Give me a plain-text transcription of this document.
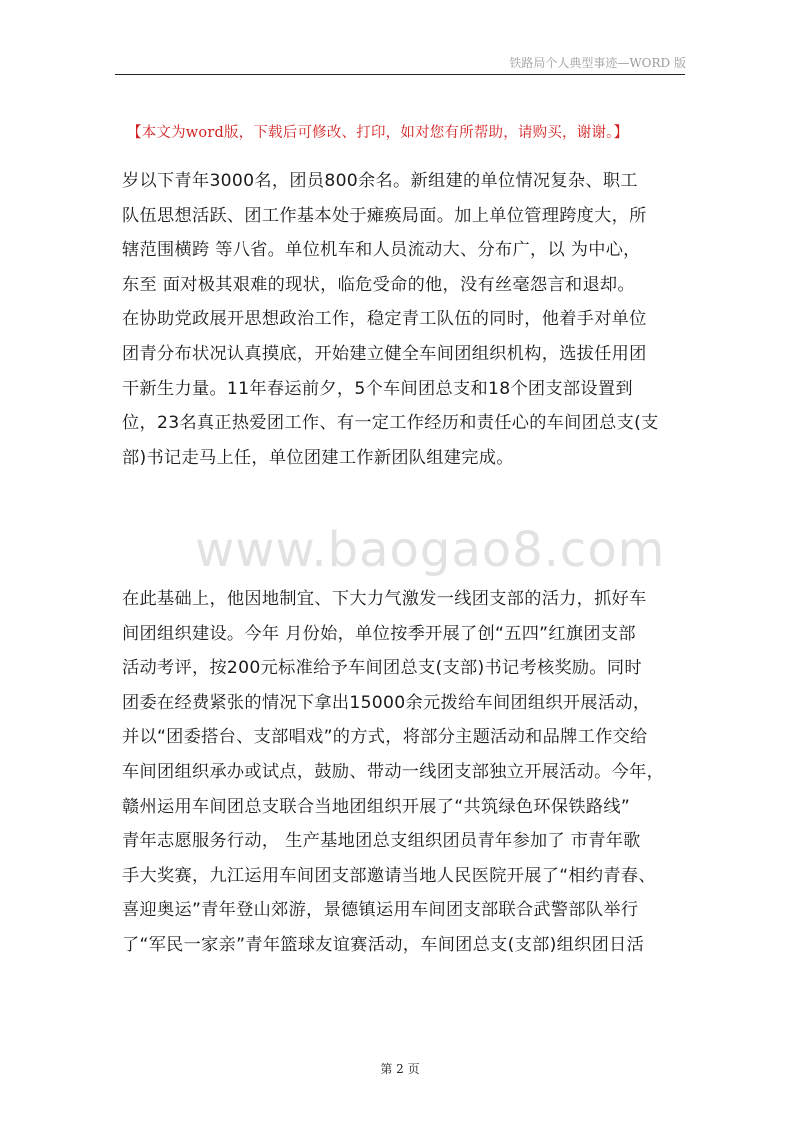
铁路局个人典型事迹—WORD 版
【本文为word版，下载后可修改、打印，如对您有所帮助，请购买，谢谢。】
岁以下青年3000名，团员800余名。新组建的单位情况复杂、职工
队伍思想活跃、团工作基本处于瘫痪局面。加上单位管理跨度大，所
辖范围横跨 等八省。单位机车和人员流动大、分布广，以 为中心，
东至 面对极其艰难的现状，临危受命的他，没有丝毫怨言和退却。
在协助党政展开思想政治工作，稳定青工队伍的同时，他着手对单位
团青分布状况认真摸底，开始建立健全车间团组织机构，选拔任用团
干新生力量。11年春运前夕，5个车间团总支和18个团支部设置到
位，23名真正热爱团工作、有一定工作经历和责任心的车间团总支(支
部)书记走马上任，单位团建工作新团队组建完成。
www.baogao8.com
在此基础上，他因地制宜、下大力气激发一线团支部的活力，抓好车
间团组织建设。今年 月份始，单位按季开展了创“五四”红旗团支部
活动考评，按200元标准给予车间团总支(支部)书记考核奖励。同时
团委在经费紧张的情况下拿出15000余元拨给车间团组织开展活动，
并以“团委搭台、支部唱戏”的方式，将部分主题活动和品牌工作交给
车间团组织承办或试点，鼓励、带动一线团支部独立开展活动。今年，
赣州运用车间团总支联合当地团组织开展了“共筑绿色环保铁路线”
青年志愿服务行动， 生产基地团总支组织团员青年参加了 市青年歌
手大奖赛，九江运用车间团支部邀请当地人民医院开展了“相约青春、
喜迎奥运”青年登山郊游，景德镇运用车间团支部联合武警部队举行
了“军民一家亲”青年篮球友谊赛活动，车间团总支(支部)组织团日活
第 2 页
